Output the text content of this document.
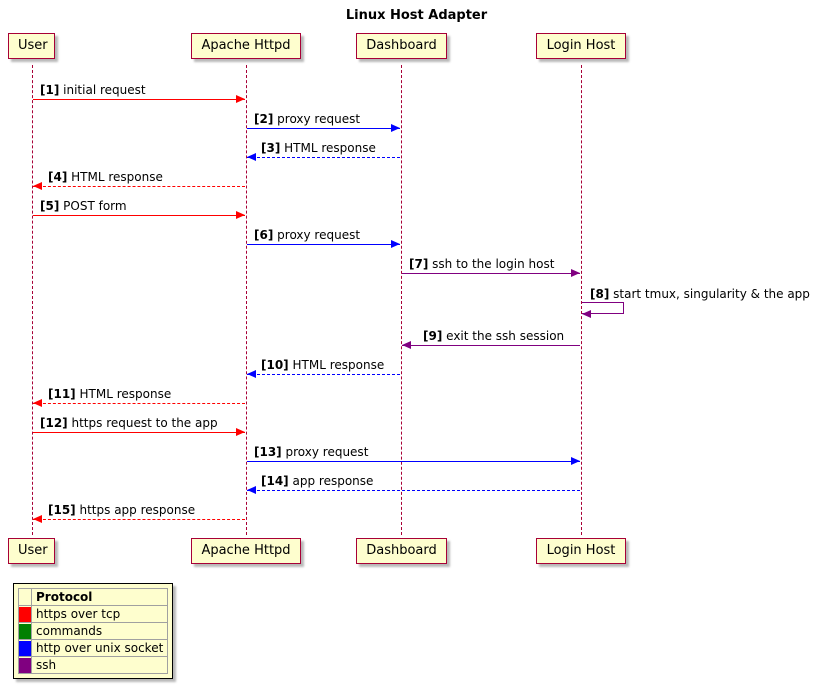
Linux Host Adapter
User	Apache Httpd	Dashboard	Login Host
User	Apache Httpd	Dashboard	Login Host
[1] initial request
[2] proxy request
[3] HTML response
[4] HTML response
[5] POST form
[6] proxy request
[7] ssh to the login host
[8] start tmux, singularity & the app
[9] exit the ssh session
[10] HTML response
[11] HTML response
[12] https request to the app
[13] proxy request
[14] app response
[15] https app response
	Protocol

	https over tcp

	commands

	http over unix socket

	ssh
